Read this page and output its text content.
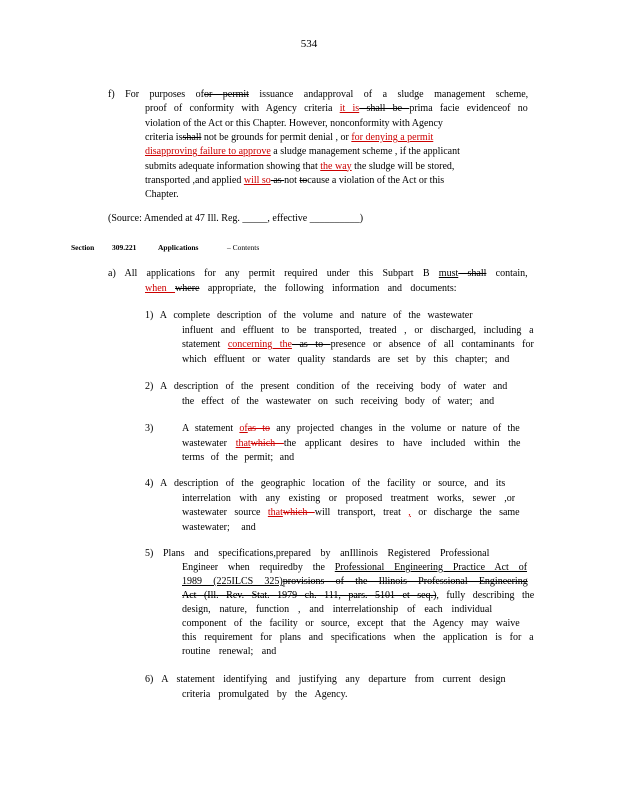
534
f) For purposes ofor permit issuance andapproval of a sludge management scheme,
proof of conformity with Agency criteria it is shall be prima facie evidenceof no
violation of the Act or this Chapter. However, nonconformity with Agency
criteria isshall not be grounds for permit denial , or for denying a permit
disapproving failure to approve a sludge management scheme , if the applicant
submits adequate information showing that the way the sludge will be stored,
transported ,and applied will so as not tocause a violation of the Act or this
Chapter.
(Source: Amended at 47 Ill. Reg. _____, effective __________)
Section 309.221	Applications	– Contents
a) All applications for any permit required under this Subpart B must shall contain,
when where appropriate, the following information and documents:
1) A complete description of the volume and nature of the wastewater
influent and effluent to be transported, treated , or discharged, including a
statement concerning the as to presence or absence of all contaminants for
which effluent or water quality standards are set by this chapter; and
2) A description of the present condition of the receiving body of water and
the effect of the wastewater on such receiving body of water; and
3)	A statement ofas to any projected changes in the volume or nature of the
wastewater thatwhich the applicant desires to have included within the
terms of the permit; and
4) A description of the geographic location of the facility or source, and its
interrelation with any existing or proposed treatment works, sewer ,or
wastewater source thatwhich will transport, treat , or discharge the same
wastewater; and
5) Plans and specifications,prepared by anIllinois Registered Professional
Engineer when requiredby the Professional Engineering Practice Act of
1989 (225ILCS 325)provisions of the Illinois Professional Engineering
Act (Ill. Rev. Stat. 1979 ch. 111, pars. 5101 et seq.), fully describing the
design, nature, function , and interrelationship of each individual
component of the facility or source, except that the Agency may waive
this requirement for plans and specifications when the application is for a
routine renewal; and
6) A statement identifying and justifying any departure from current design
criteria promulgated by the Agency.
